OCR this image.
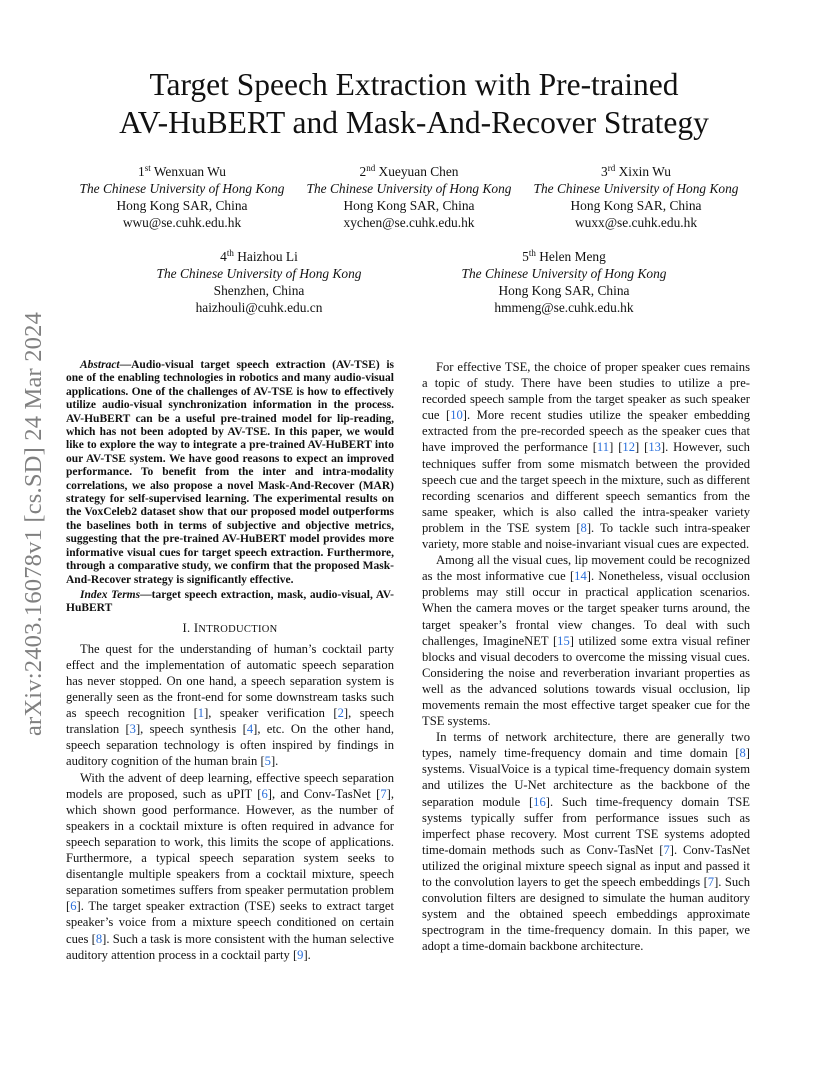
arXiv:2403.16078v1 [cs.SD] 24 Mar 2024
Target Speech Extraction with Pre-trained
AV-HuBERT and Mask-And-Recover Strategy
1st Wenxuan Wu
The Chinese University of Hong Kong
Hong Kong SAR, China
wwu@se.cuhk.edu.hk
2nd Xueyuan Chen
The Chinese University of Hong Kong
Hong Kong SAR, China
xychen@se.cuhk.edu.hk
3rd Xixin Wu
The Chinese University of Hong Kong
Hong Kong SAR, China
wuxx@se.cuhk.edu.hk
4th Haizhou Li
The Chinese University of Hong Kong
Shenzhen, China
haizhouli@cuhk.edu.cn
5th Helen Meng
The Chinese University of Hong Kong
Hong Kong SAR, China
hmmeng@se.cuhk.edu.hk

Abstract—Audio-visual target speech extraction (AV-TSE) is one of the enabling technologies in robotics and many audio-visual applications. One of the challenges of AV-TSE is how to effectively utilize audio-visual synchronization information in the process. AV-HuBERT can be a useful pre-trained model for lip-reading, which has not been adopted by AV-TSE. In this paper, we would like to explore the way to integrate a pre-trained AV-HuBERT into our AV-TSE system. We have good reasons to expect an improved performance. To benefit from the inter and intra-modality correlations, we also propose a novel Mask-And-Recover (MAR) strategy for self-supervised learning. The experimental results on the VoxCeleb2 dataset show that our proposed model outperforms the baselines both in terms of subjective and objective metrics, suggesting that the pre-trained AV-HuBERT model provides more informative visual cues for target speech extraction. Furthermore, through a comparative study, we confirm that the proposed Mask-And-Recover strategy is significantly effective.

Index Terms—target speech extraction, mask, audio-visual, AV-HuBERT

I. INTRODUCTION

The quest for the understanding of human’s cocktail party effect and the implementation of automatic speech separation has never stopped. On one hand, a speech separation system is generally seen as the front-end for some downstream tasks such as speech recognition [1], speaker verification [2], speech translation [3], speech synthesis [4], etc. On the other hand, speech separation technology is often inspired by findings in auditory cognition of the human brain [5].

With the advent of deep learning, effective speech separation models are proposed, such as uPIT [6], and Conv-TasNet [7], which shown good performance. However, as the number of speakers in a cocktail mixture is often required in advance for speech separation to work, this limits the scope of applications. Furthermore, a typical speech separation system seeks to disentangle multiple speakers from a cocktail mixture, speech separation sometimes suffers from speaker permutation problem [6]. The target speaker extraction (TSE) seeks to extract target speaker’s voice from a mixture speech conditioned on certain cues [8]. Such a task is more consistent with the human selective auditory attention process in a cocktail party [9].

For effective TSE, the choice of proper speaker cues remains a topic of study. There have been studies to utilize a pre-recorded speech sample from the target speaker as such speaker cue [10]. More recent studies utilize the speaker embedding extracted from the pre-recorded speech as the speaker cues that have improved the performance [11] [12] [13]. However, such techniques suffer from some mismatch between the provided speech cue and the target speech in the mixture, such as different recording scenarios and different speech semantics from the same speaker, which is also called the intra-speaker variety problem in the TSE system [8]. To tackle such intra-speaker variety, more stable and noise-invariant visual cues are expected.

Among all the visual cues, lip movement could be recognized as the most informative cue [14]. Nonetheless, visual occlusion problems may still occur in practical application scenarios. When the camera moves or the target speaker turns around, the target speaker’s frontal view changes. To deal with such challenges, ImagineNET [15] utilized some extra visual refiner blocks and visual decoders to overcome the missing visual cues. Considering the noise and reverberation invariant properties as well as the advanced solutions towards visual occlusion, lip movements remain the most effective target speaker cue for the TSE systems.

In terms of network architecture, there are generally two types, namely time-frequency domain and time domain [8] systems. VisualVoice is a typical time-frequency domain system and utilizes the U-Net architecture as the backbone of the separation module [16]. Such time-frequency domain TSE systems typically suffer from performance issues such as imperfect phase recovery. Most current TSE systems adopted time-domain methods such as Conv-TasNet [7]. Conv-TasNet utilized the original mixture speech signal as input and passed it to the convolution layers to get the speech embeddings [7]. Such convolution filters are designed to simulate the human auditory system and the obtained speech embeddings approximate spectrogram in the time-frequency domain. In this paper, we adopt a time-domain backbone architecture.
